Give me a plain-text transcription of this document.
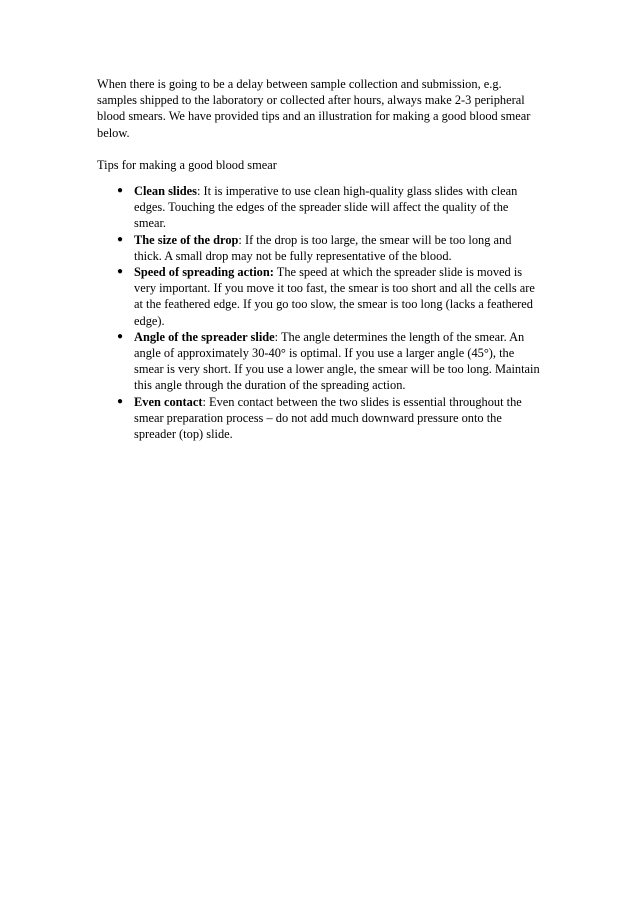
When there is going to be a delay between sample collection and submission, e.g. samples shipped to the laboratory or collected after hours, always make 2-3 peripheral blood smears. We have provided tips and an illustration for making a good blood smear below.

Tips for making a good blood smear

● Clean slides: It is imperative to use clean high-quality glass slides with clean edges. Touching the edges of the spreader slide will affect the quality of the smear.
● The size of the drop: If the drop is too large, the smear will be too long and thick. A small drop may not be fully representative of the blood.
● Speed of spreading action: The speed at which the spreader slide is moved is very important. If you move it too fast, the smear is too short and all the cells are at the feathered edge. If you go too slow, the smear is too long (lacks a feathered edge).
● Angle of the spreader slide: The angle determines the length of the smear. An angle of approximately 30-40° is optimal. If you use a larger angle (45°), the smear is very short. If you use a lower angle, the smear will be too long. Maintain this angle through the duration of the spreading action.
● Even contact: Even contact between the two slides is essential throughout the smear preparation process – do not add much downward pressure onto the spreader (top) slide.
